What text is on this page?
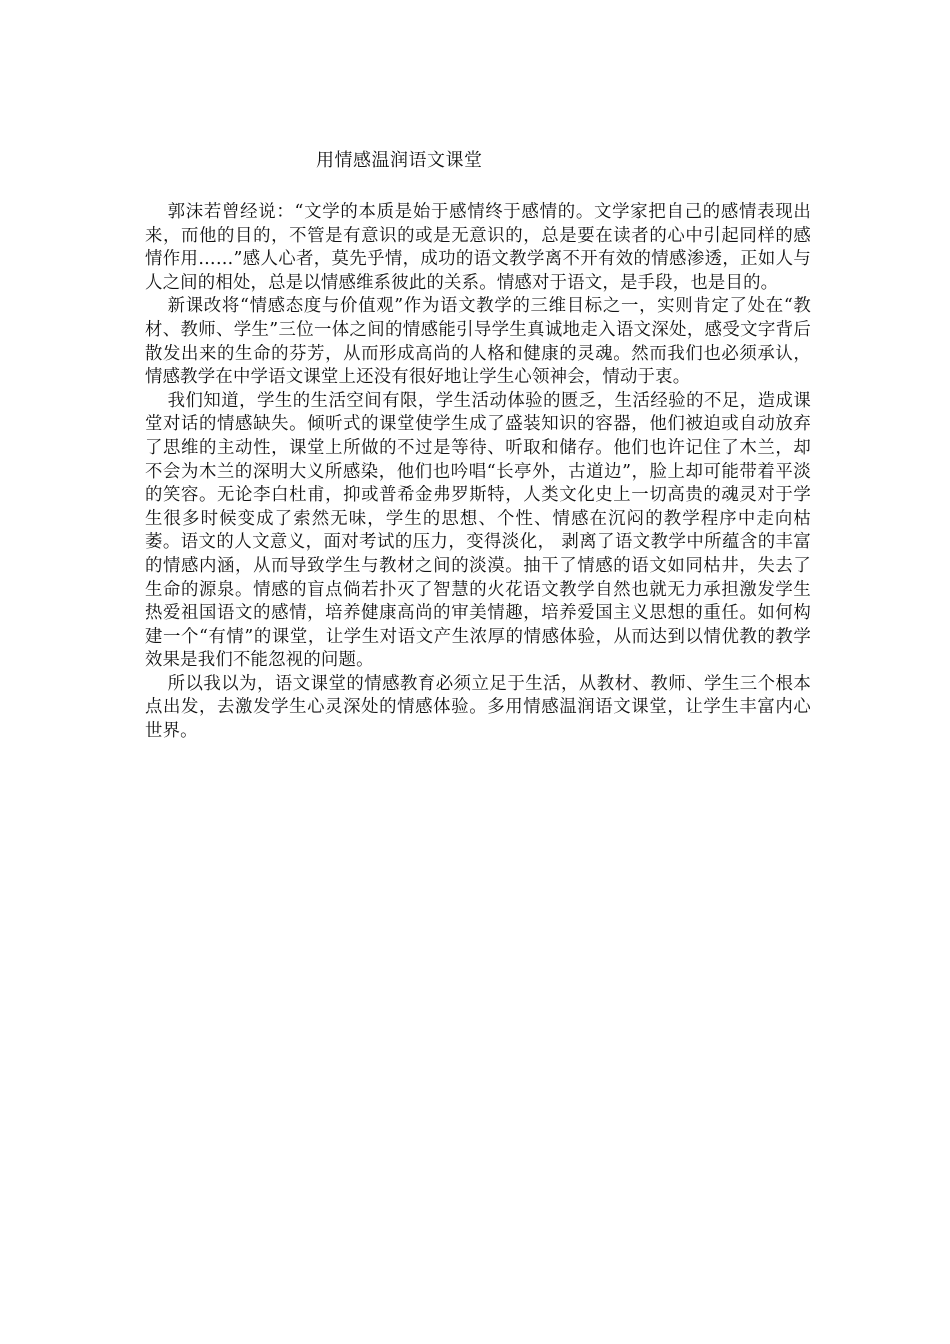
用情感温润语文课堂

郭沫若曾经说：“文学的本质是始于感情终于感情的。文学家把自己的感情表现出来，而他的目的，不管是有意识的或是无意识的，总是要在读者的心中引起同样的感情作用……”感人心者，莫先乎情，成功的语文教学离不开有效的情感渗透，正如人与人之间的相处，总是以情感维系彼此的关系。情感对于语文，是手段，也是目的。

新课改将“情感态度与价值观”作为语文教学的三维目标之一，实则肯定了处在“教材、教师、学生”三位一体之间的情感能引导学生真诚地走入语文深处，感受文字背后散发出来的生命的芬芳，从而形成高尚的人格和健康的灵魂。然而我们也必须承认，情感教学在中学语文课堂上还没有很好地让学生心领神会，情动于衷。

我们知道，学生的生活空间有限，学生活动体验的匮乏，生活经验的不足，造成课堂对话的情感缺失。倾听式的课堂使学生成了盛装知识的容器，他们被迫或自动放弃了思维的主动性，课堂上所做的不过是等待、听取和储存。他们也许记住了木兰，却不会为木兰的深明大义所感染，他们也吟唱“长亭外，古道边”，脸上却可能带着平淡的笑容。无论李白杜甫，抑或普希金弗罗斯特，人类文化史上一切高贵的魂灵对于学生很多时候变成了索然无味，学生的思想、个性、情感在沉闷的教学程序中走向枯萎。语文的人文意义，面对考试的压力，变得淡化， 剥离了语文教学中所蕴含的丰富的情感内涵，从而导致学生与教材之间的淡漠。抽干了情感的语文如同枯井，失去了生命的源泉。情感的盲点倘若扑灭了智慧的火花语文教学自然也就无力承担激发学生热爱祖国语文的感情，培养健康高尚的审美情趣，培养爱国主义思想的重任。如何构建一个“有情”的课堂，让学生对语文产生浓厚的情感体验，从而达到以情优教的教学效果是我们不能忽视的问题。

所以我以为，语文课堂的情感教育必须立足于生活，从教材、教师、学生三个根本点出发，去激发学生心灵深处的情感体验。多用情感温润语文课堂，让学生丰富内心世界。
